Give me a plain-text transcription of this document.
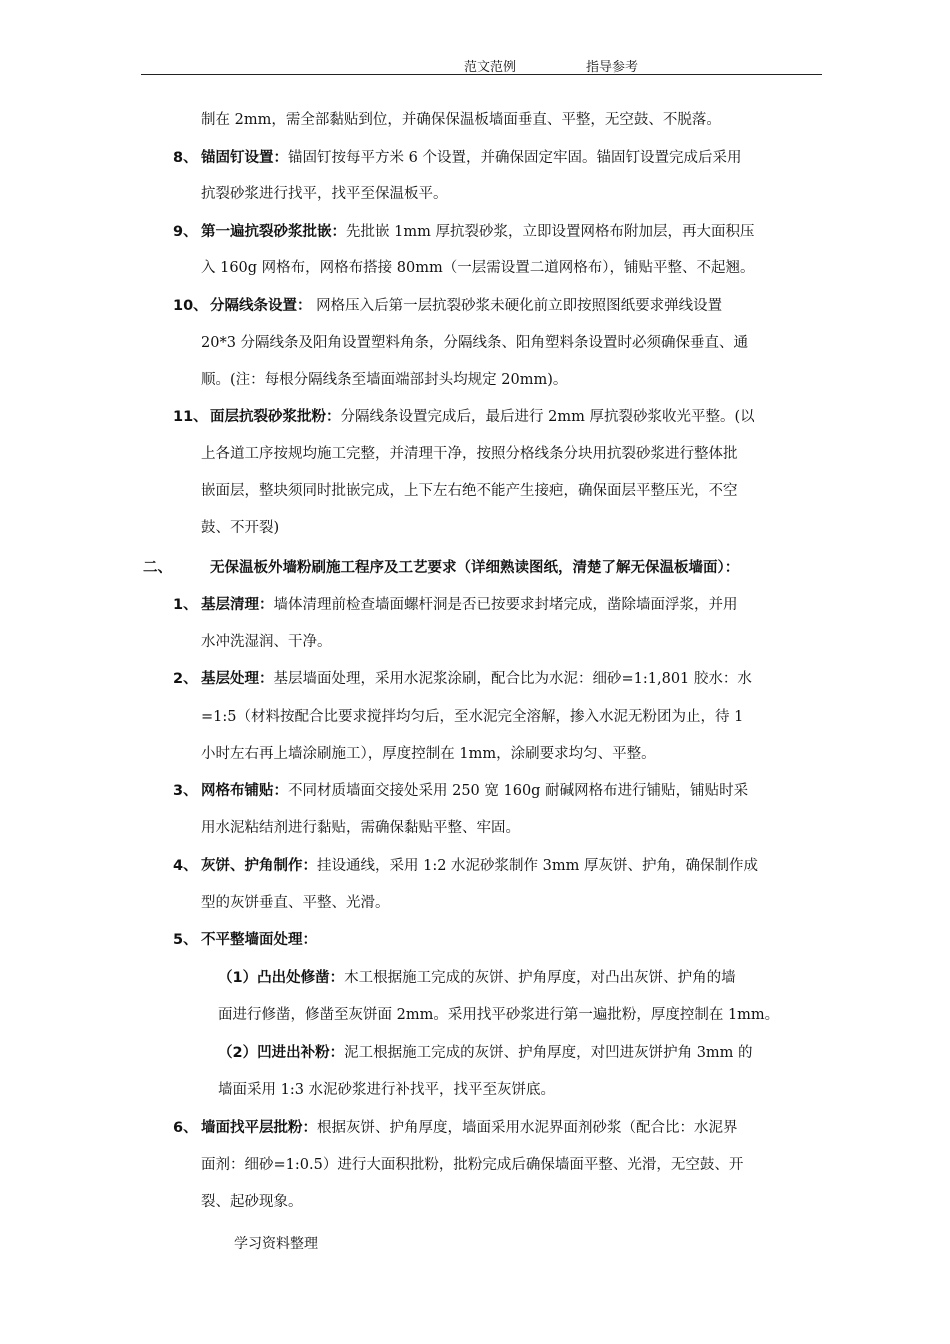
范文范例	指导参考
制在 2mm，需全部黏贴到位，并确保保温板墙面垂直、平整，无空鼓、不脱落。
8、 锚固钉设置：锚固钉按每平方米 6 个设置，并确保固定牢固。锚固钉设置完成后采用
抗裂砂浆进行找平，找平至保温板平。
9、 第一遍抗裂砂浆批嵌：先批嵌 1mm 厚抗裂砂浆，立即设置网格布附加层，再大面积压
入 160g 网格布，网格布搭接 80mm（一层需设置二道网格布），铺贴平整、不起翘。
10、 分隔线条设置： 网格压入后第一层抗裂砂浆未硬化前立即按照图纸要求弹线设置
20*3 分隔线条及阳角设置塑料角条，分隔线条、阳角塑料条设置时必须确保垂直、通
顺。(注：每根分隔线条至墙面端部封头均规定 20mm)。
11、 面层抗裂砂浆批粉：分隔线条设置完成后，最后进行 2mm 厚抗裂砂浆收光平整。(以
上各道工序按规均施工完整，并清理干净，按照分格线条分块用抗裂砂浆进行整体批
嵌面层，整块须同时批嵌完成，上下左右绝不能产生接疤，确保面层平整压光，不空
鼓、不开裂)
二、	无保温板外墙粉刷施工程序及工艺要求（详细熟读图纸，清楚了解无保温板墙面）：
1、 基层清理：墙体清理前检查墙面螺杆洞是否已按要求封堵完成，凿除墙面浮浆，并用
水冲洗湿润、干净。
2、 基层处理：基层墙面处理，采用水泥浆涂刷，配合比为水泥：细砂=1:1,801 胶水：水
=1:5（材料按配合比要求搅拌均匀后，至水泥完全溶解，掺入水泥无粉团为止，待 1
小时左右再上墙涂刷施工），厚度控制在 1mm，涂刷要求均匀、平整。
3、 网格布铺贴：不同材质墙面交接处采用 250 宽 160g 耐碱网格布进行铺贴，铺贴时采
用水泥粘结剂进行黏贴，需确保黏贴平整、牢固。
4、 灰饼、护角制作：挂设通线，采用 1:2 水泥砂浆制作 3mm 厚灰饼、护角，确保制作成
型的灰饼垂直、平整、光滑。
5、 不平整墙面处理：
（1）凸出处修凿：木工根据施工完成的灰饼、护角厚度，对凸出灰饼、护角的墙
面进行修凿，修凿至灰饼面 2mm。采用找平砂浆进行第一遍批粉，厚度控制在 1mm。
（2）凹进出补粉：泥工根据施工完成的灰饼、护角厚度，对凹进灰饼护角 3mm 的
墙面采用 1:3 水泥砂浆进行补找平，找平至灰饼底。
6、 墙面找平层批粉：根据灰饼、护角厚度，墙面采用水泥界面剂砂浆（配合比：水泥界
面剂：细砂=1:0.5）进行大面积批粉，批粉完成后确保墙面平整、光滑，无空鼓、开
裂、起砂现象。
学习资料整理
